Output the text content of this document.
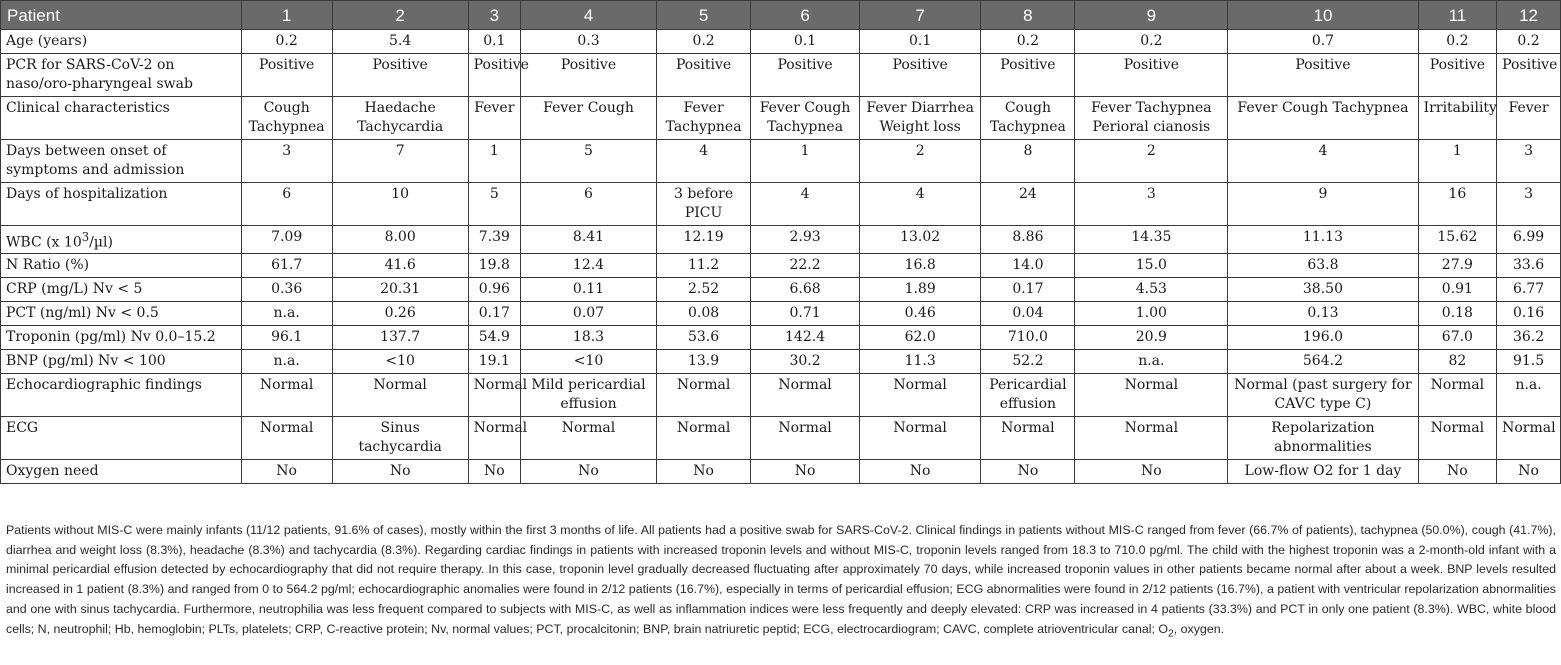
Patient	1	2	3	4	5	6	7	8	9	10	11	12
Age (years)	0.2	5.4	0.1	0.3	0.2	0.1	0.1	0.2	0.2	0.7	0.2	0.2
PCR for SARS-CoV-2 on naso/oro-pharyngeal swab	Positive	Positive	Positive	Positive	Positive	Positive	Positive	Positive	Positive	Positive	Positive	Positive
Clinical characteristics	Cough Tachypnea	Haedache Tachycardia	Fever	Fever Cough	Fever Tachypnea	Fever Cough Tachypnea	Fever Diarrhea Weight loss	Cough Tachypnea	Fever Tachypnea Perioral cianosis	Fever Cough Tachypnea	Irritability	Fever
Days between onset of symptoms and admission	3	7	1	5	4	1	2	8	2	4	1	3
Days of hospitalization	6	10	5	6	3 before PICU	4	4	24	3	9	16	3
WBC (x $10^3/\mu l$)	7.09	8.00	7.39	8.41	12.19	2.93	13.02	8.86	14.35	11.13	15.62	6.99
N Ratio (%)	61.7	41.6	19.8	12.4	11.2	22.2	16.8	14.0	15.0	63.8	27.9	33.6
CRP (mg/L) Nv < 5	0.36	20.31	0.96	0.11	2.52	6.68	1.89	0.17	4.53	38.50	0.91	6.77
PCT (ng/ml) Nv < 0.5	n.a.	0.26	0.17	0.07	0.08	0.71	0.46	0.04	1.00	0.13	0.18	0.16
Troponin (pg/ml) Nv 0.0–15.2	96.1	137.7	54.9	18.3	53.6	142.4	62.0	710.0	20.9	196.0	67.0	36.2
BNP (pg/ml) Nv < 100	n.a.	<10	19.1	<10	13.9	30.2	11.3	52.2	n.a.	564.2	82	91.5
Echocardiographic findings	Normal	Normal	Normal	Mild pericardial effusion	Normal	Normal	Normal	Pericardial effusion	Normal	Normal (past surgery for CAVC type C)	Normal	n.a.
ECG	Normal	Sinus tachycardia	Normal	Normal	Normal	Normal	Normal	Normal	Normal	Repolarization abnormalities	Normal	Normal
Oxygen need	No	No	No	No	No	No	No	No	No	Low-flow O2 for 1 day	No	No

Patients without MIS-C were mainly infants (11/12 patients, 91.6% of cases), mostly within the first 3 months of life. All patients had a positive swab for SARS-CoV-2. Clinical findings in patients without MIS-C ranged from fever (66.7% of patients), tachypnea (50.0%), cough (41.7%), diarrhea and weight loss (8.3%), headache (8.3%) and tachycardia (8.3%). Regarding cardiac findings in patients with increased troponin levels and without MIS-C, troponin levels ranged from 18.3 to 710.0 pg/ml. The child with the highest troponin was a 2-month-old infant with a minimal pericardial effusion detected by echocardiography that did not require therapy. In this case, troponin level gradually decreased fluctuating after approximately 70 days, while increased troponin values in other patients became normal after about a week. BNP levels resulted increased in 1 patient (8.3%) and ranged from 0 to 564.2 pg/ml; echocardiographic anomalies were found in 2/12 patients (16.7%), especially in terms of pericardial effusion; ECG abnormalities were found in 2/12 patients (16.7%), a patient with ventricular repolarization abnormalities and one with sinus tachycardia. Furthermore, neutrophilia was less frequent compared to subjects with MIS-C, as well as inflammation indices were less frequently and deeply elevated: CRP was increased in 4 patients (33.3%) and PCT in only one patient (8.3%). WBC, white blood cells; N, neutrophil; Hb, hemoglobin; PLTs, platelets; CRP, C-reactive protein; Nv, normal values; PCT, procalcitonin; BNP, brain natriuretic peptid; ECG, electrocardiogram; CAVC, complete atrioventricular canal; $O_2$, oxygen.
